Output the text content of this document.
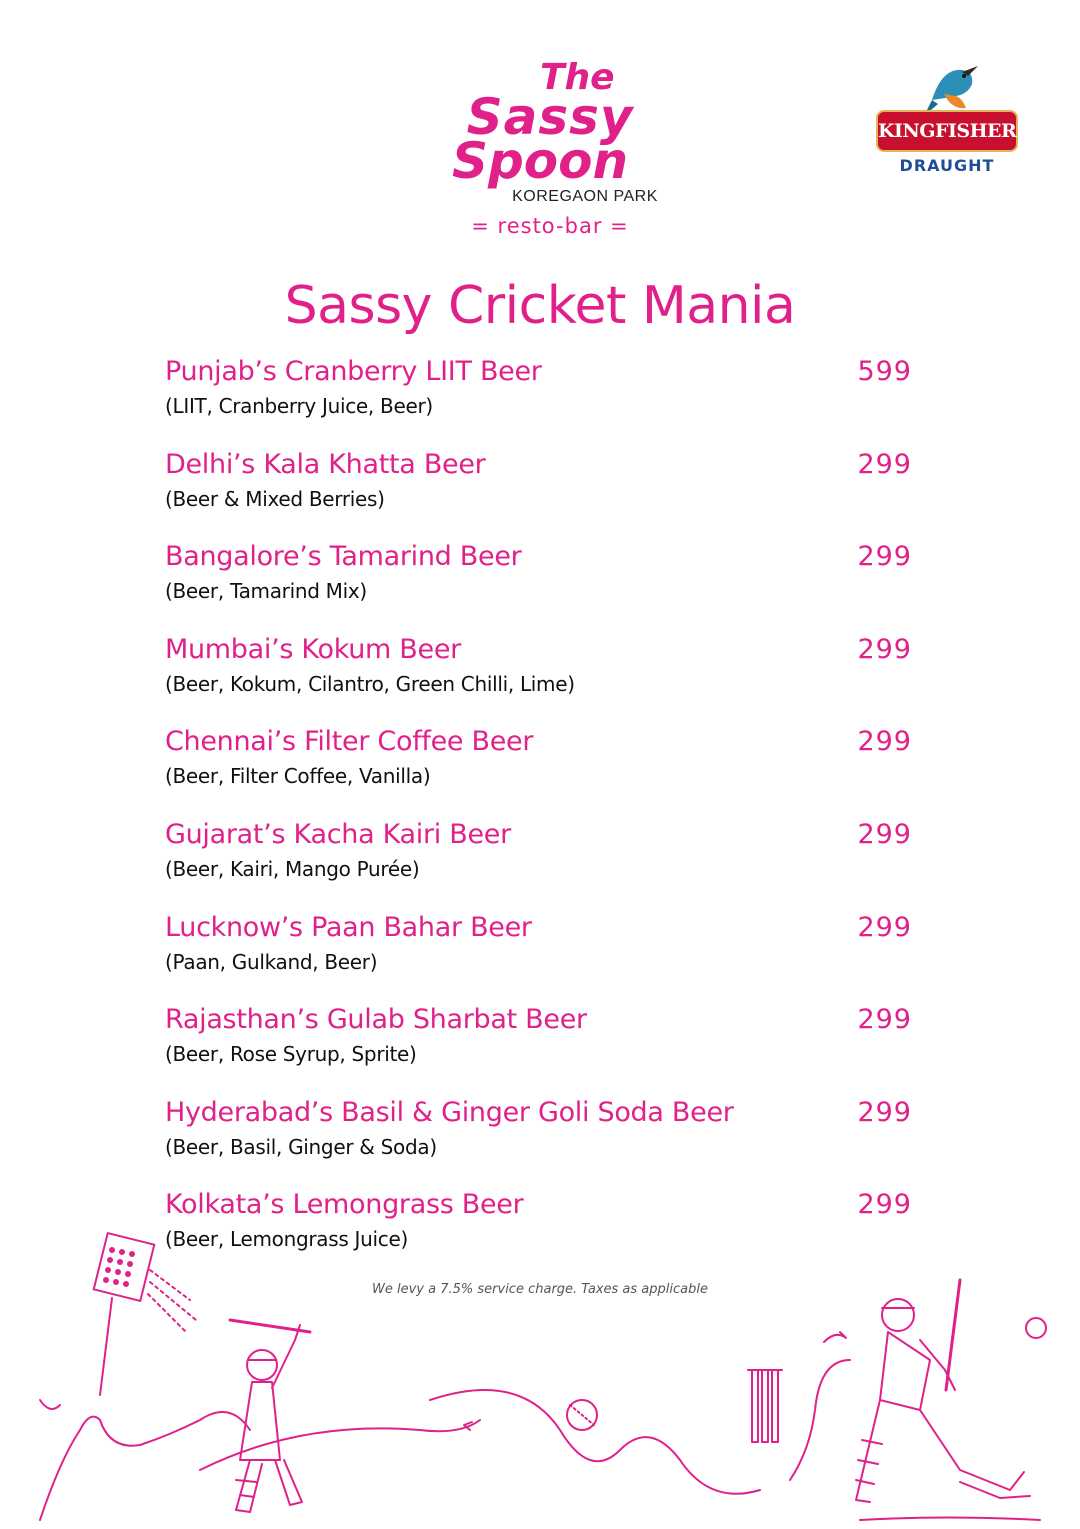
The
Sassy
Spoon
KOREGAON PARK
= resto-bar =
KINGFISHER
DRAUGHT
Sassy Cricket Mania
Punjab’s Cranberry LIIT Beer	599
(LIIT, Cranberry Juice, Beer)
Delhi’s Kala Khatta Beer	299
(Beer & Mixed Berries)
Bangalore’s Tamarind Beer	299
(Beer, Tamarind Mix)
Mumbai’s Kokum Beer	299
(Beer, Kokum, Cilantro, Green Chilli, Lime)
Chennai’s Filter Coffee Beer	299
(Beer, Filter Coffee, Vanilla)
Gujarat’s Kacha Kairi Beer	299
(Beer, Kairi, Mango Purée)
Lucknow’s Paan Bahar Beer	299
(Paan, Gulkand, Beer)
Rajasthan’s Gulab Sharbat Beer	299
(Beer, Rose Syrup, Sprite)
Hyderabad’s Basil & Ginger Goli Soda Beer	299
(Beer, Basil, Ginger & Soda)
Kolkata’s Lemongrass Beer	299
(Beer, Lemongrass Juice)
We levy a 7.5% service charge. Taxes as applicable
